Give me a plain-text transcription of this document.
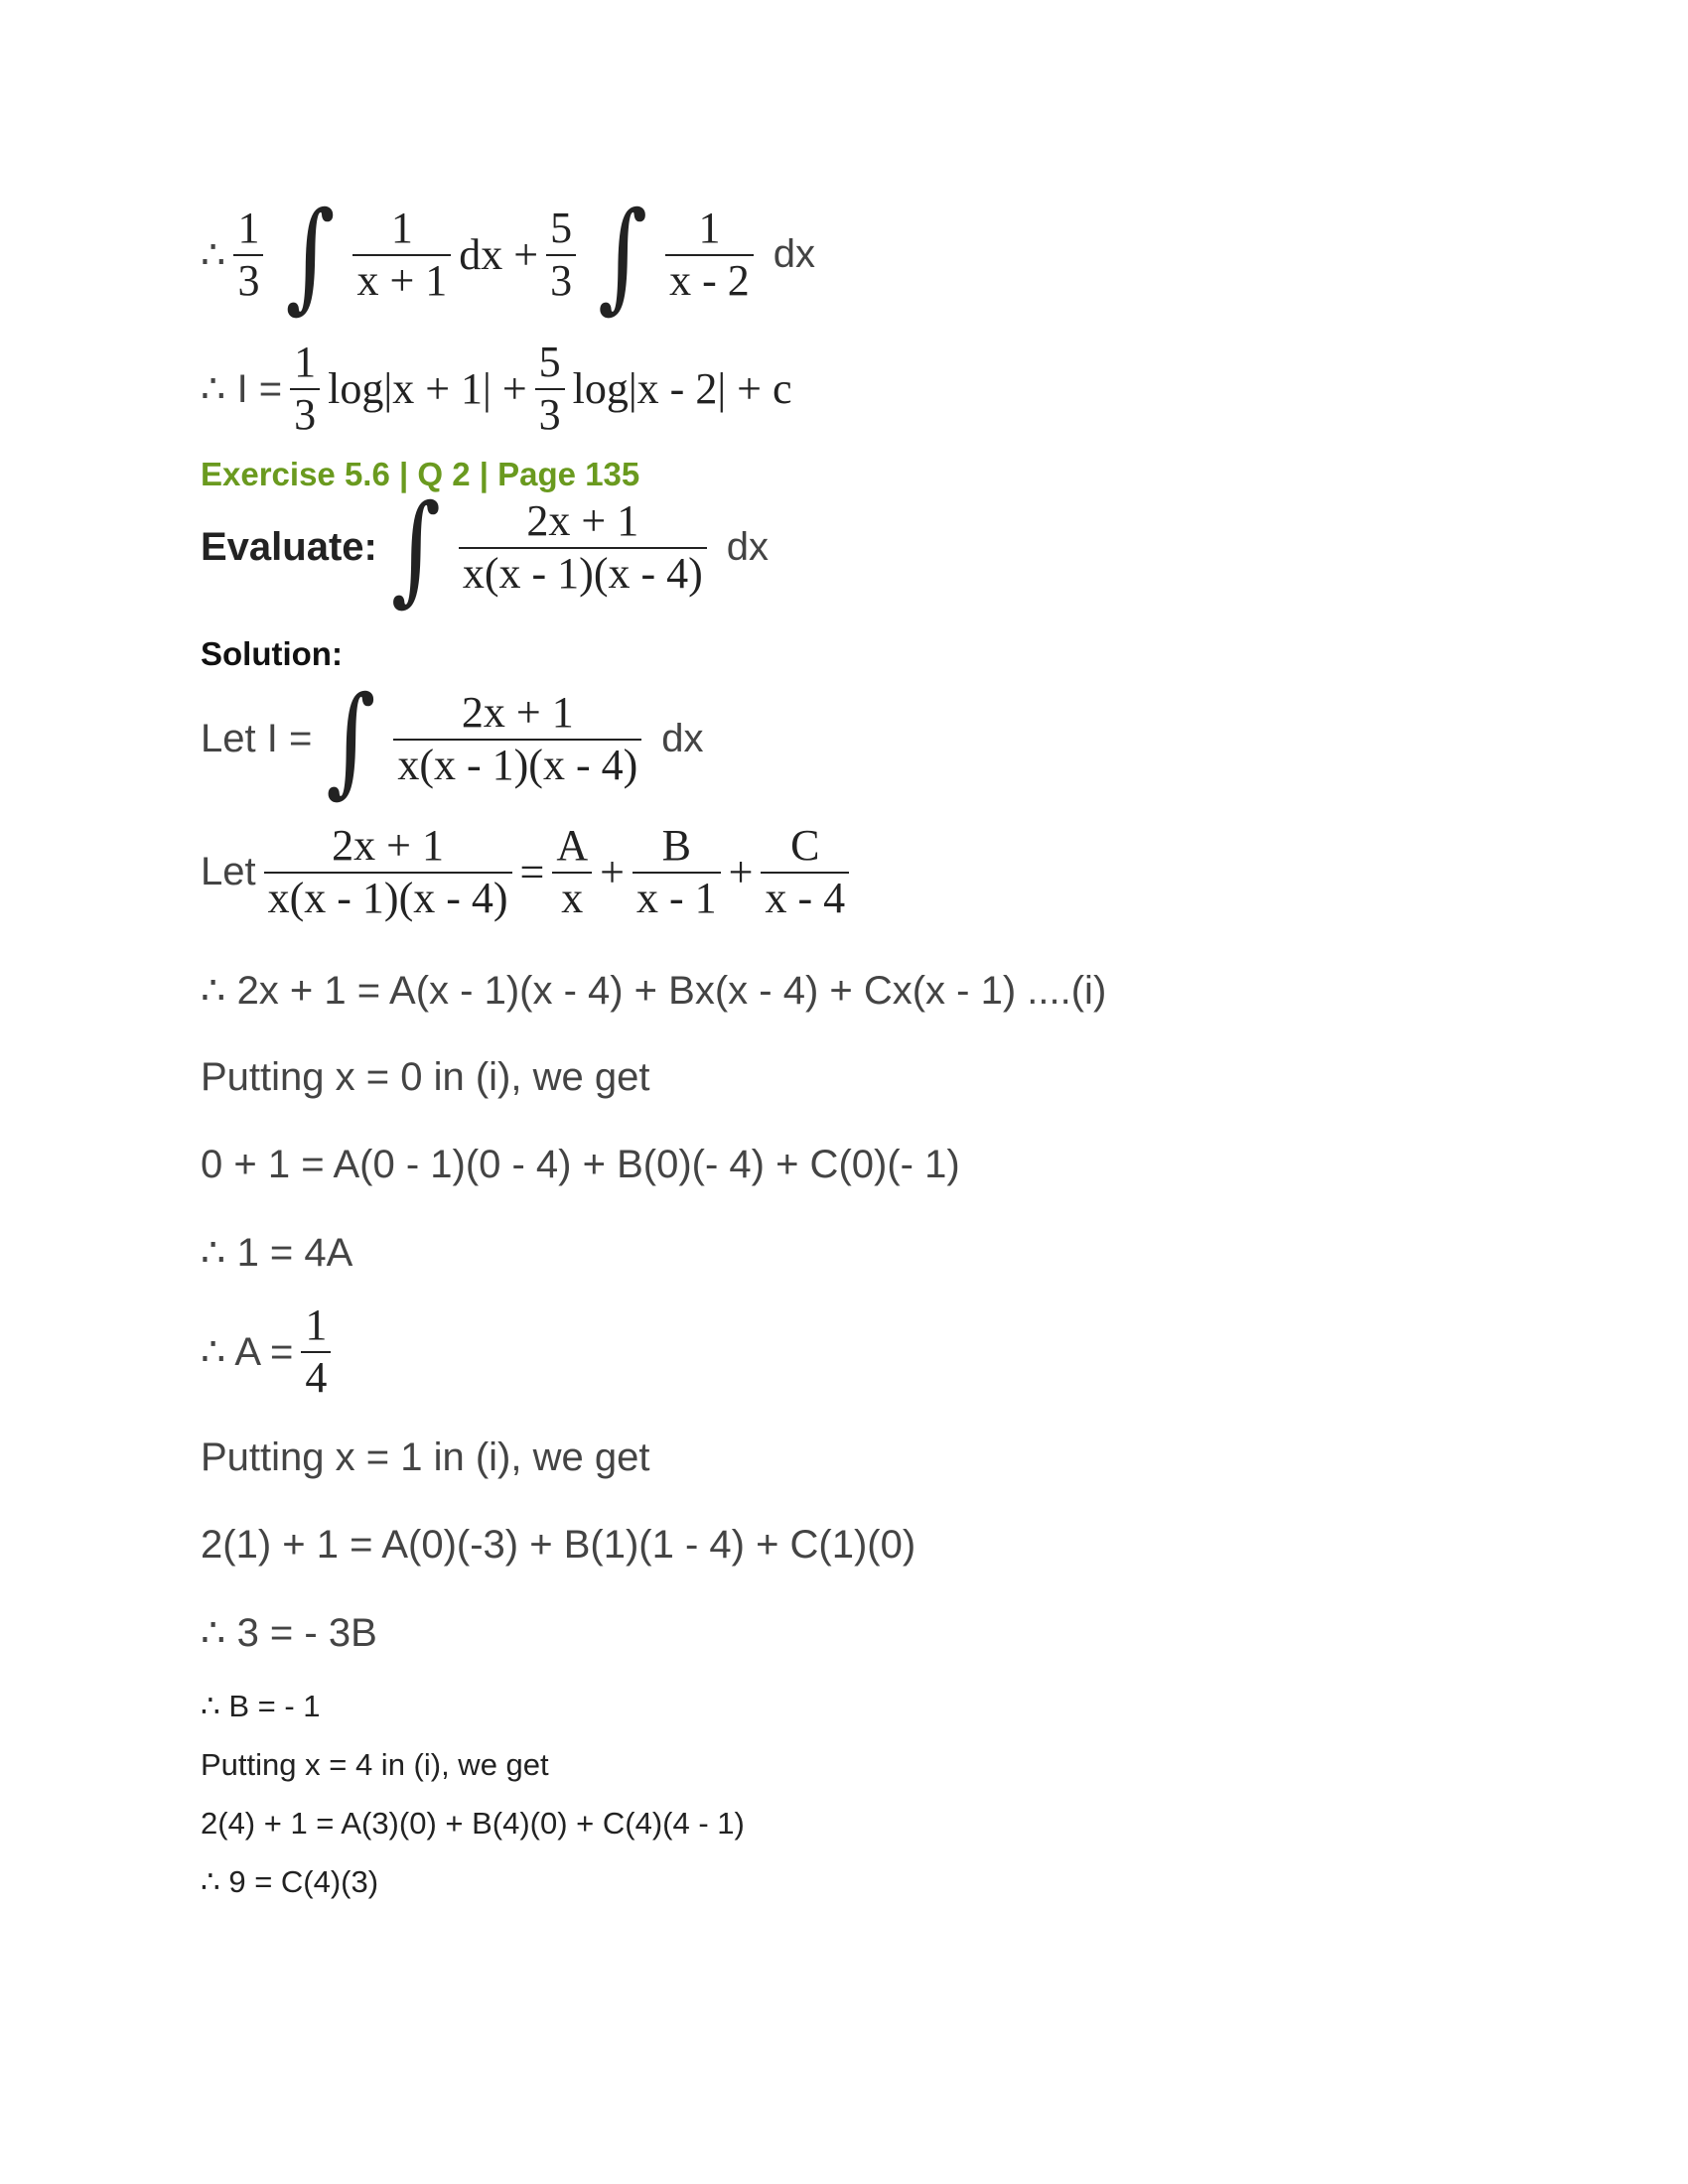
∴ $\frac{1}{3}$ ∫ $\frac{1}{x + 1}$ dx + $\frac{5}{3}$ ∫ $\frac{1}{x - 2}$ dx
∴ $I = \frac{1}{3} \log|x + 1| + \frac{5}{3} \log|x - 2| + c$
Exercise 5.6 | Q 2 | Page 135
Evaluate: ∫ $\frac{2x + 1}{x(x - 1)(x - 4)}$ dx
Solution:
Let I = ∫ $\frac{2x + 1}{x(x - 1)(x - 4)}$ dx
Let $\frac{2x + 1}{x(x - 1)(x - 4)} = \frac{A}{x} + \frac{B}{x - 1} + \frac{C}{x - 4}$
∴ 2x + 1 = A(x - 1)(x - 4) + Bx(x - 4) + Cx(x - 1) ....(i)
Putting x = 0 in (i), we get
0 + 1 = A(0 - 1)(0 - 4) + B(0)(- 4) + C(0)(- 1)
∴ 1 = 4A
∴ $A = \frac{1}{4}$
Putting x = 1 in (i), we get
2(1) + 1 = A(0)(-3) + B(1)(1 - 4) + C(1)(0)
∴ 3 = - 3B
∴ B = - 1
Putting x = 4 in (i), we get
2(4) + 1 = A(3)(0) + B(4)(0) + C(4)(4 - 1)
∴ 9 = C(4)(3)
